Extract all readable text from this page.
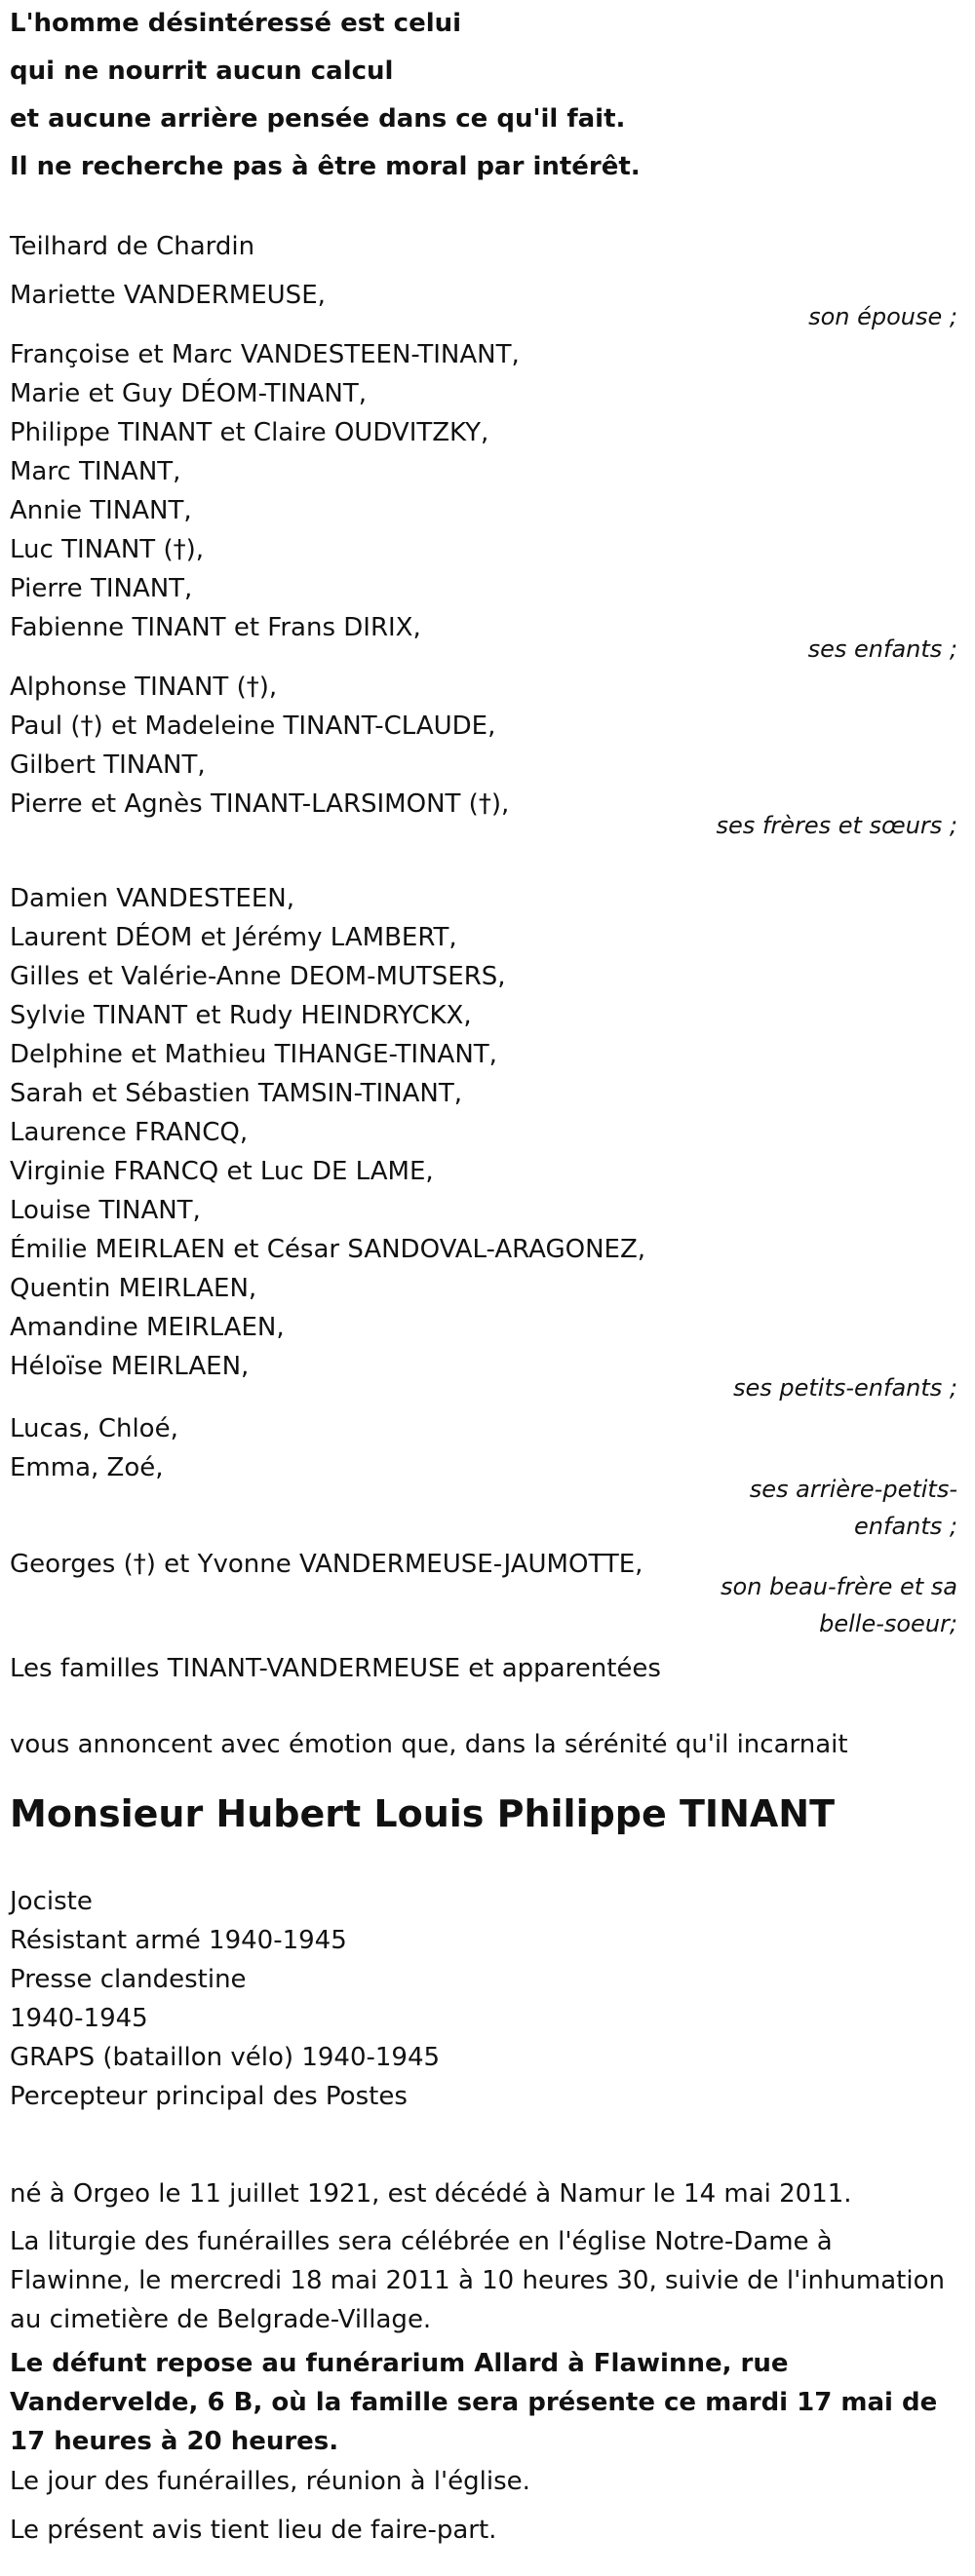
L'homme désintéressé est celui
qui ne nourrit aucun calcul
et aucune arrière pensée dans ce qu'il fait.
Il ne recherche pas à être moral par intérêt.
Teilhard de Chardin
Mariette VANDERMEUSE,
son épouse ;
Françoise et Marc VANDESTEEN-TINANT,
Marie et Guy DÉOM-TINANT,
Philippe TINANT et Claire OUDVITZKY,
Marc TINANT,
Annie TINANT,
Luc TINANT (†),
Pierre TINANT,
Fabienne TINANT et Frans DIRIX,
ses enfants ;
Alphonse TINANT (†),
Paul (†) et Madeleine TINANT-CLAUDE,
Gilbert TINANT,
Pierre et Agnès TINANT-LARSIMONT (†),
ses frères et sœurs ;
Damien VANDESTEEN,
Laurent DÉOM et Jérémy LAMBERT,
Gilles et Valérie-Anne DEOM-MUTSERS,
Sylvie TINANT et Rudy HEINDRYCKX,
Delphine et Mathieu TIHANGE-TINANT,
Sarah et Sébastien TAMSIN-TINANT,
Laurence FRANCQ,
Virginie FRANCQ et Luc DE LAME,
Louise TINANT,
Émilie MEIRLAEN et César SANDOVAL-ARAGONEZ,
Quentin MEIRLAEN,
Amandine MEIRLAEN,
Héloïse MEIRLAEN,
ses petits-enfants ;
Lucas, Chloé,
Emma, Zoé,
ses arrière-petits-enfants ;
Georges (†) et Yvonne VANDERMEUSE-JAUMOTTE,
son beau-frère et sa belle-soeur;
Les familles TINANT-VANDERMEUSE et apparentées
vous annoncent avec émotion que, dans la sérénité qu'il incarnait
Monsieur Hubert Louis Philippe TINANT
Jociste
Résistant armé 1940-1945
Presse clandestine
1940-1945
GRAPS (bataillon vélo) 1940-1945
Percepteur principal des Postes
né à Orgeo le 11 juillet 1921, est décédé à Namur le 14 mai 2011.
La liturgie des funérailles sera célébrée en l'église Notre-Dame à Flawinne, le mercredi 18 mai 2011 à 10 heures 30, suivie de l'inhumation au cimetière de Belgrade-Village.
Le défunt repose au funérarium Allard à Flawinne, rue Vandervelde, 6 B, où la famille sera présente ce mardi 17 mai de 17 heures à 20 heures.
Le jour des funérailles, réunion à l'église.
Le présent avis tient lieu de faire-part.
